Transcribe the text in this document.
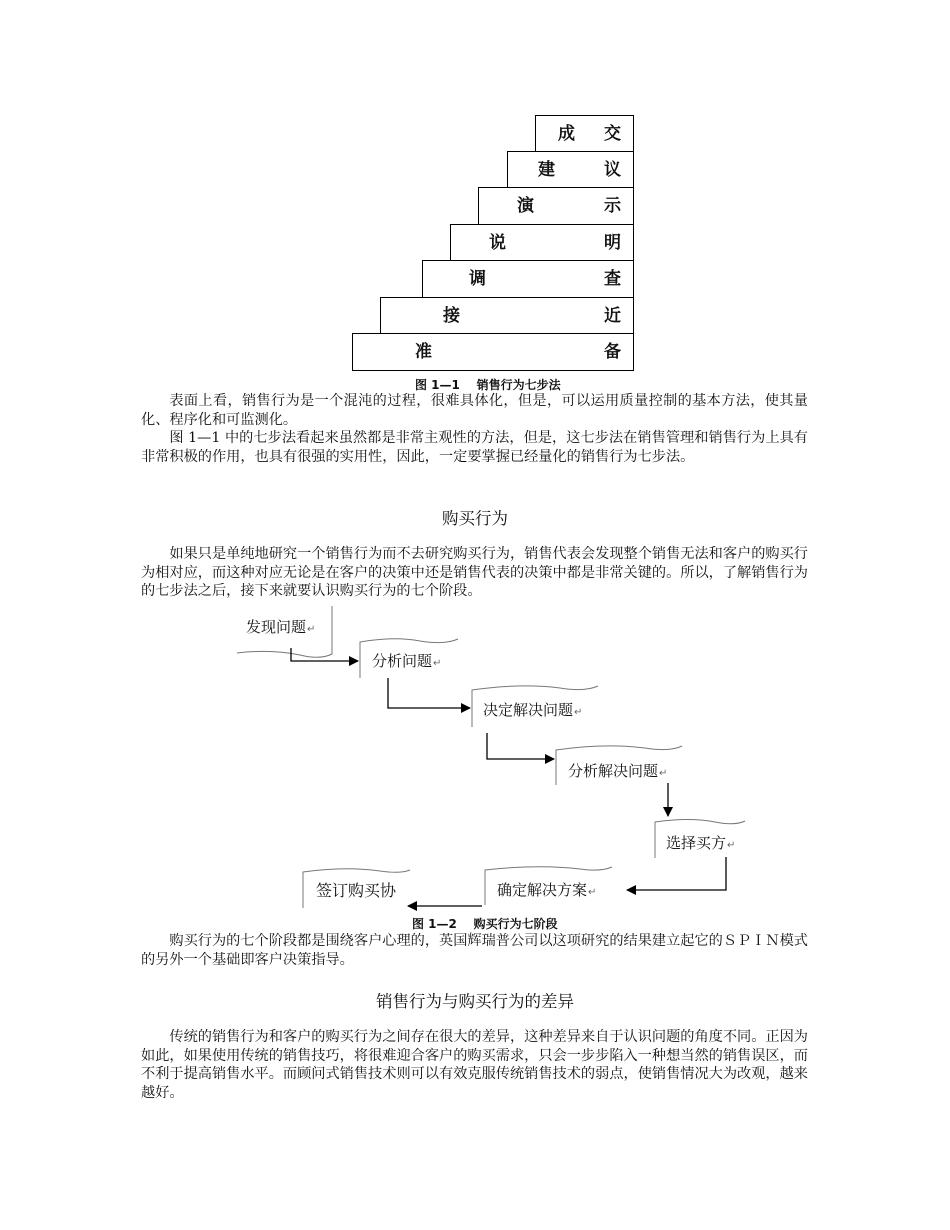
成 交
建	议
演	示
说	明
调	查
接	近
准	备
图 1—1    销售行为七步法

表面上看，销售行为是一个混沌的过程，很难具体化，但是，可以运用质量控制的基本方法，使其量化、程序化和可监测化。

图 1—1 中的七步法看起来虽然都是非常主观性的方法，但是，这七步法在销售管理和销售行为上具有非常积极的作用，也具有很强的实用性，因此，一定要掌握已经量化的销售行为七步法。

购买行为

如果只是单纯地研究一个销售行为而不去研究购买行为，销售代表会发现整个销售无法和客户的购买行为相对应，而这种对应无论是在客户的决策中还是销售代表的决策中都是非常关键的。所以，了解销售行为的七步法之后，接下来就要认识购买行为的七个阶段。

发现问题↵
分析问题↵
决定解决问题↵
分析解决问题↵
选择买方↵
确定解决方案↵
签订购买协
图 1—2    购买行为七阶段

购买行为的七个阶段都是围绕客户心理的，英国辉瑞普公司以这项研究的结果建立起它的ＳＰＩＮ模式的另外一个基础即客户决策指导。

销售行为与购买行为的差异

传统的销售行为和客户的购买行为之间存在很大的差异，这种差异来自于认识问题的角度不同。正因为如此，如果使用传统的销售技巧，将很难迎合客户的购买需求，只会一步步陷入一种想当然的销售误区，而不利于提高销售水平。而顾问式销售技术则可以有效克服传统销售技术的弱点，使销售情况大为改观，越来越好。
